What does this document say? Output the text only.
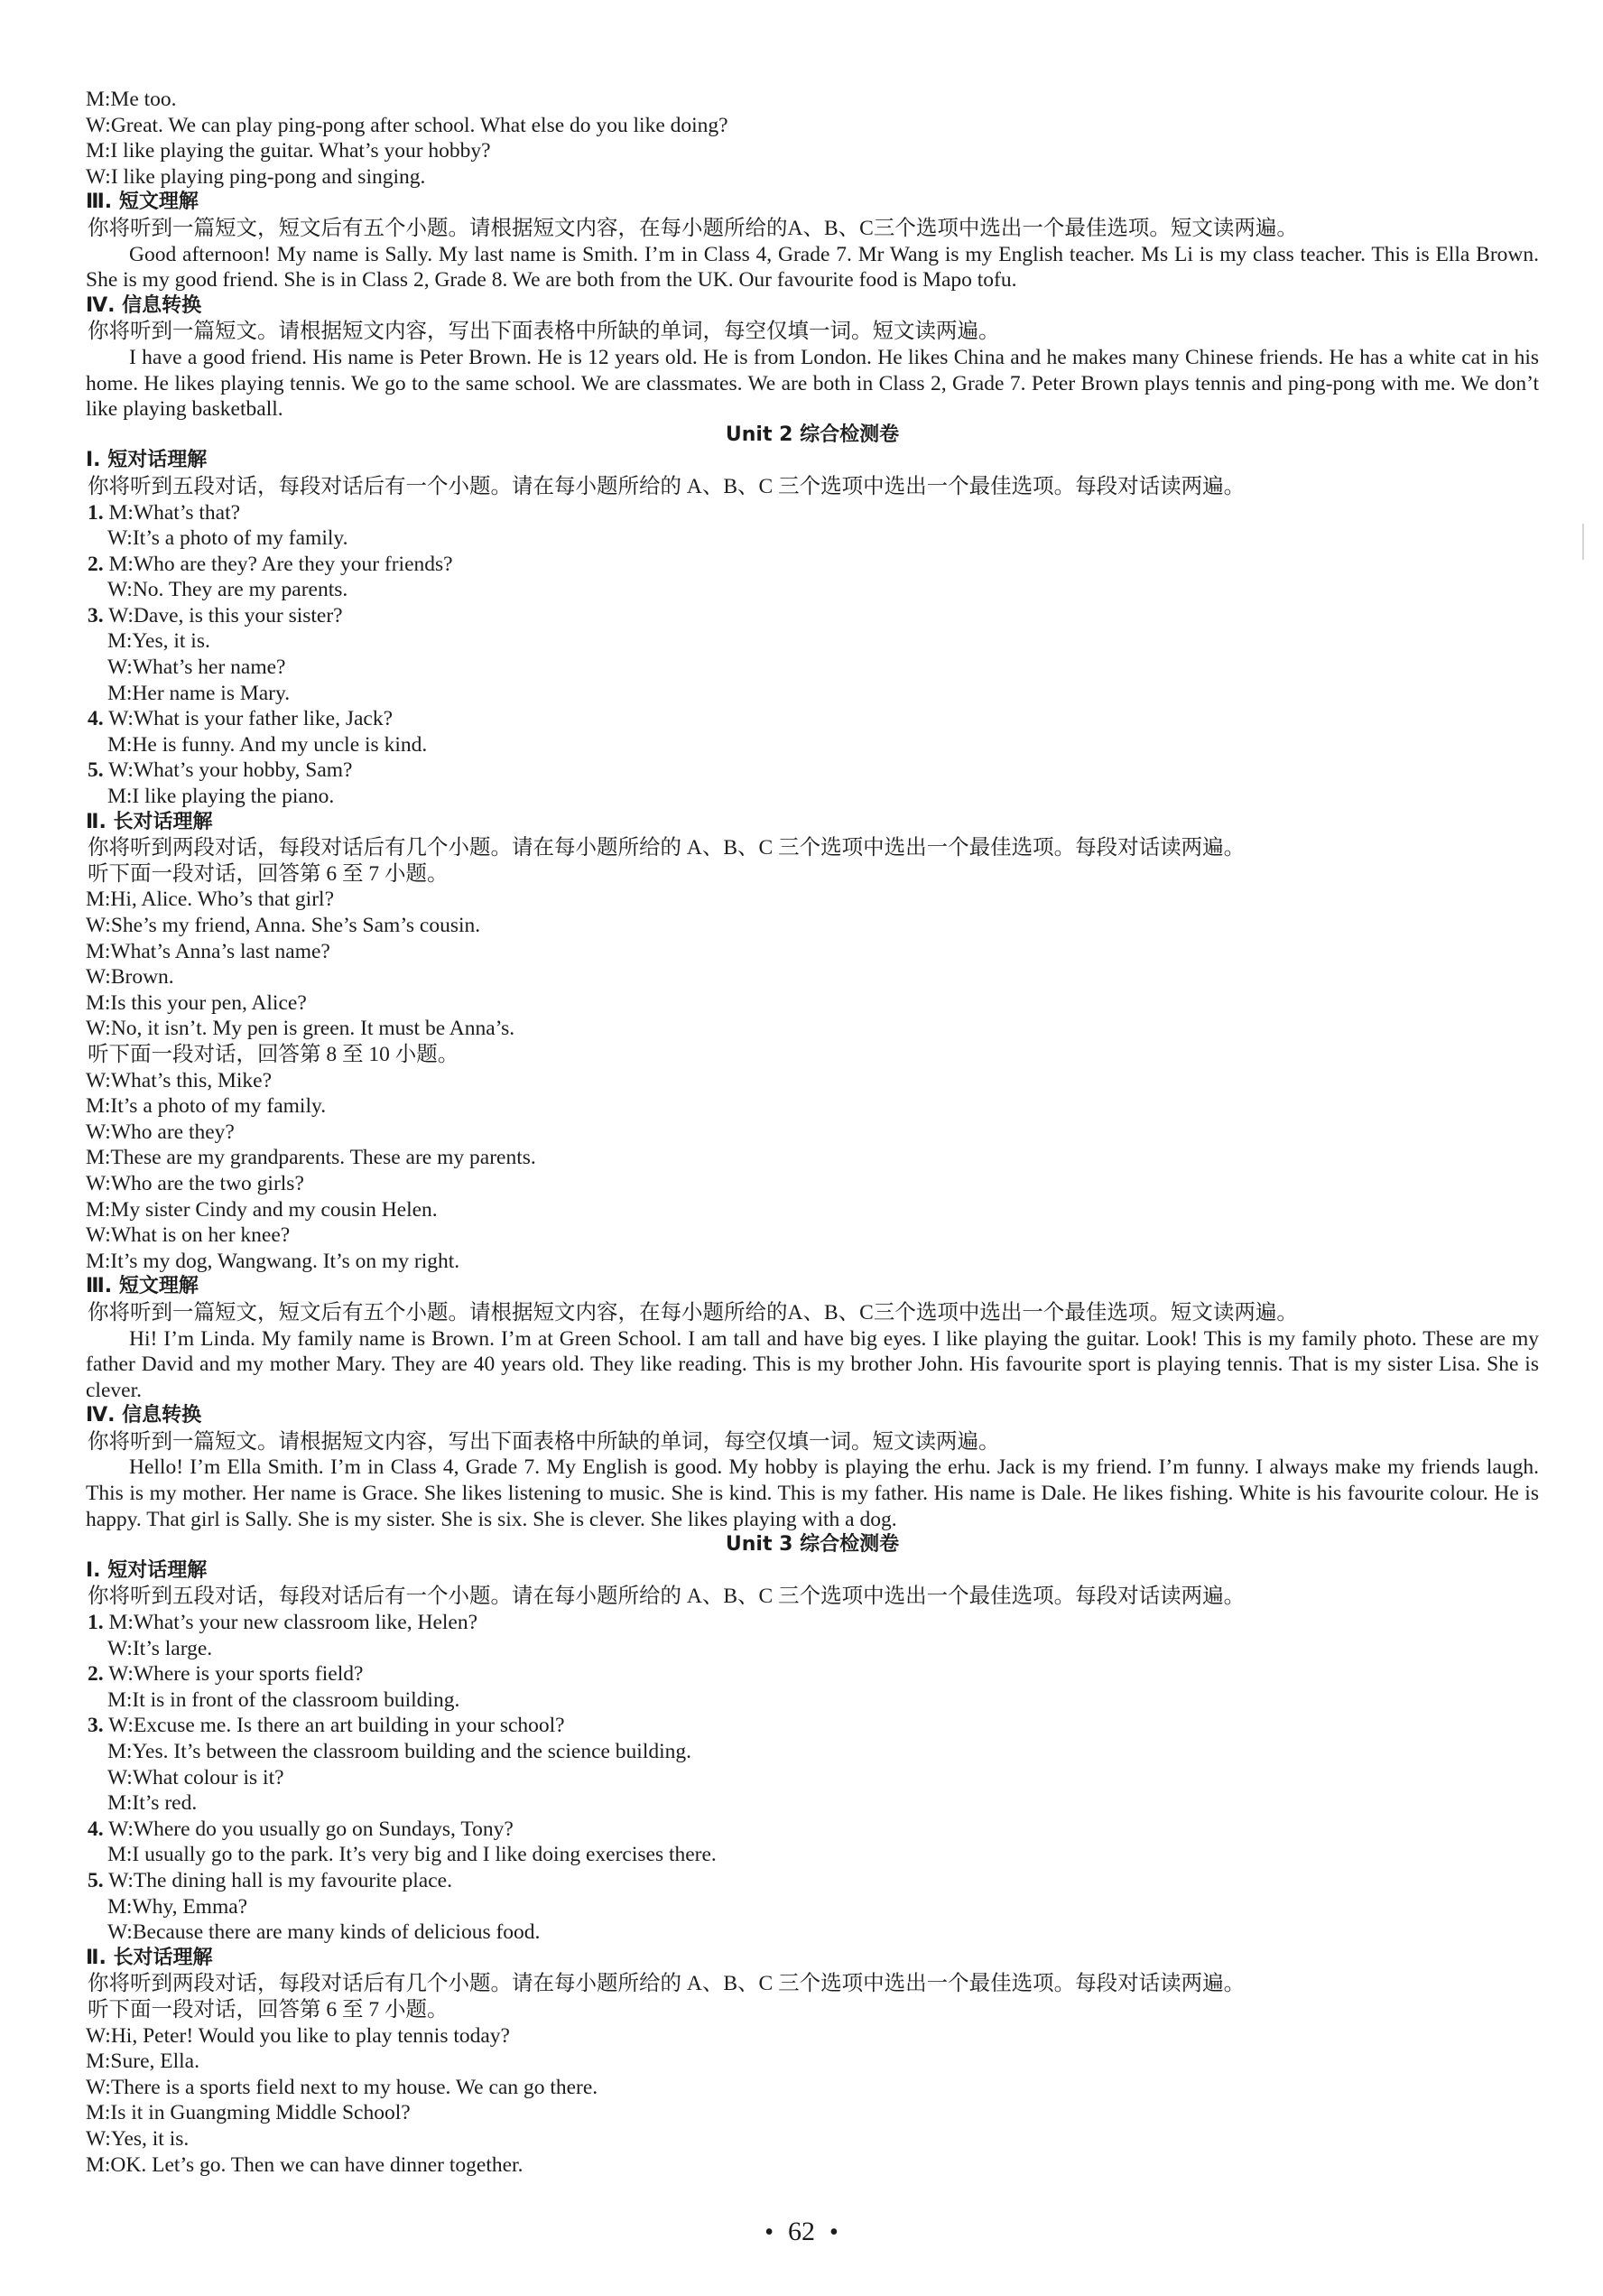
M:Me too.
W:Great. We can play ping-pong after school. What else do you like doing?
M:I like playing the guitar. What’s your hobby?
W:I like playing ping-pong and singing.
Ⅲ. 短文理解
你将听到一篇短文，短文后有五个小题。请根据短文内容，在每小题所给的A、B、C三个选项中选出一个最佳选项。短文读两遍。
Good afternoon! My name is Sally. My last name is Smith. I’m in Class 4, Grade 7. Mr Wang is my English teacher. Ms Li is my class teacher. This is Ella Brown. She is my good friend. She is in Class 2, Grade 8. We are both from the UK. Our favourite food is Mapo tofu.
Ⅳ. 信息转换
你将听到一篇短文。请根据短文内容，写出下面表格中所缺的单词，每空仅填一词。短文读两遍。
I have a good friend. His name is Peter Brown. He is 12 years old. He is from London. He likes China and he makes many Chinese friends. He has a white cat in his home. He likes playing tennis. We go to the same school. We are classmates. We are both in Class 2, Grade 7. Peter Brown plays tennis and ping-pong with me. We don’t like playing basketball.
Unit 2 综合检测卷
Ⅰ. 短对话理解
你将听到五段对话，每段对话后有一个小题。请在每小题所给的 A、B、C 三个选项中选出一个最佳选项。每段对话读两遍。
1. M:What’s that?
W:It’s a photo of my family.
2. M:Who are they? Are they your friends?
W:No. They are my parents.
3. W:Dave, is this your sister?
M:Yes, it is.
W:What’s her name?
M:Her name is Mary.
4. W:What is your father like, Jack?
M:He is funny. And my uncle is kind.
5. W:What’s your hobby, Sam?
M:I like playing the piano.
Ⅱ. 长对话理解
你将听到两段对话，每段对话后有几个小题。请在每小题所给的 A、B、C 三个选项中选出一个最佳选项。每段对话读两遍。
听下面一段对话，回答第 6 至 7 小题。
M:Hi, Alice. Who’s that girl?
W:She’s my friend, Anna. She’s Sam’s cousin.
M:What’s Anna’s last name?
W:Brown.
M:Is this your pen, Alice?
W:No, it isn’t. My pen is green. It must be Anna’s.
听下面一段对话，回答第 8 至 10 小题。
W:What’s this, Mike?
M:It’s a photo of my family.
W:Who are they?
M:These are my grandparents. These are my parents.
W:Who are the two girls?
M:My sister Cindy and my cousin Helen.
W:What is on her knee?
M:It’s my dog, Wangwang. It’s on my right.
Ⅲ. 短文理解
你将听到一篇短文，短文后有五个小题。请根据短文内容，在每小题所给的A、B、C三个选项中选出一个最佳选项。短文读两遍。
Hi! I’m Linda. My family name is Brown. I’m at Green School. I am tall and have big eyes. I like playing the guitar. Look! This is my family photo. These are my father David and my mother Mary. They are 40 years old. They like reading. This is my brother John. His favourite sport is playing tennis. That is my sister Lisa. She is clever.
Ⅳ. 信息转换
你将听到一篇短文。请根据短文内容，写出下面表格中所缺的单词，每空仅填一词。短文读两遍。
Hello! I’m Ella Smith. I’m in Class 4, Grade 7. My English is good. My hobby is playing the erhu. Jack is my friend. I’m funny. I always make my friends laugh. This is my mother. Her name is Grace. She likes listening to music. She is kind. This is my father. His name is Dale. He likes fishing. White is his favourite colour. He is happy. That girl is Sally. She is my sister. She is six. She is clever. She likes playing with a dog.
Unit 3 综合检测卷
Ⅰ. 短对话理解
你将听到五段对话，每段对话后有一个小题。请在每小题所给的 A、B、C 三个选项中选出一个最佳选项。每段对话读两遍。
1. M:What’s your new classroom like, Helen?
W:It’s large.
2. W:Where is your sports field?
M:It is in front of the classroom building.
3. W:Excuse me. Is there an art building in your school?
M:Yes. It’s between the classroom building and the science building.
W:What colour is it?
M:It’s red.
4. W:Where do you usually go on Sundays, Tony?
M:I usually go to the park. It’s very big and I like doing exercises there.
5. W:The dining hall is my favourite place.
M:Why, Emma?
W:Because there are many kinds of delicious food.
Ⅱ. 长对话理解
你将听到两段对话，每段对话后有几个小题。请在每小题所给的 A、B、C 三个选项中选出一个最佳选项。每段对话读两遍。
听下面一段对话，回答第 6 至 7 小题。
W:Hi, Peter! Would you like to play tennis today?
M:Sure, Ella.
W:There is a sports field next to my house. We can go there.
M:Is it in Guangming Middle School?
W:Yes, it is.
M:OK. Let’s go. Then we can have dinner together.
• 62 •
